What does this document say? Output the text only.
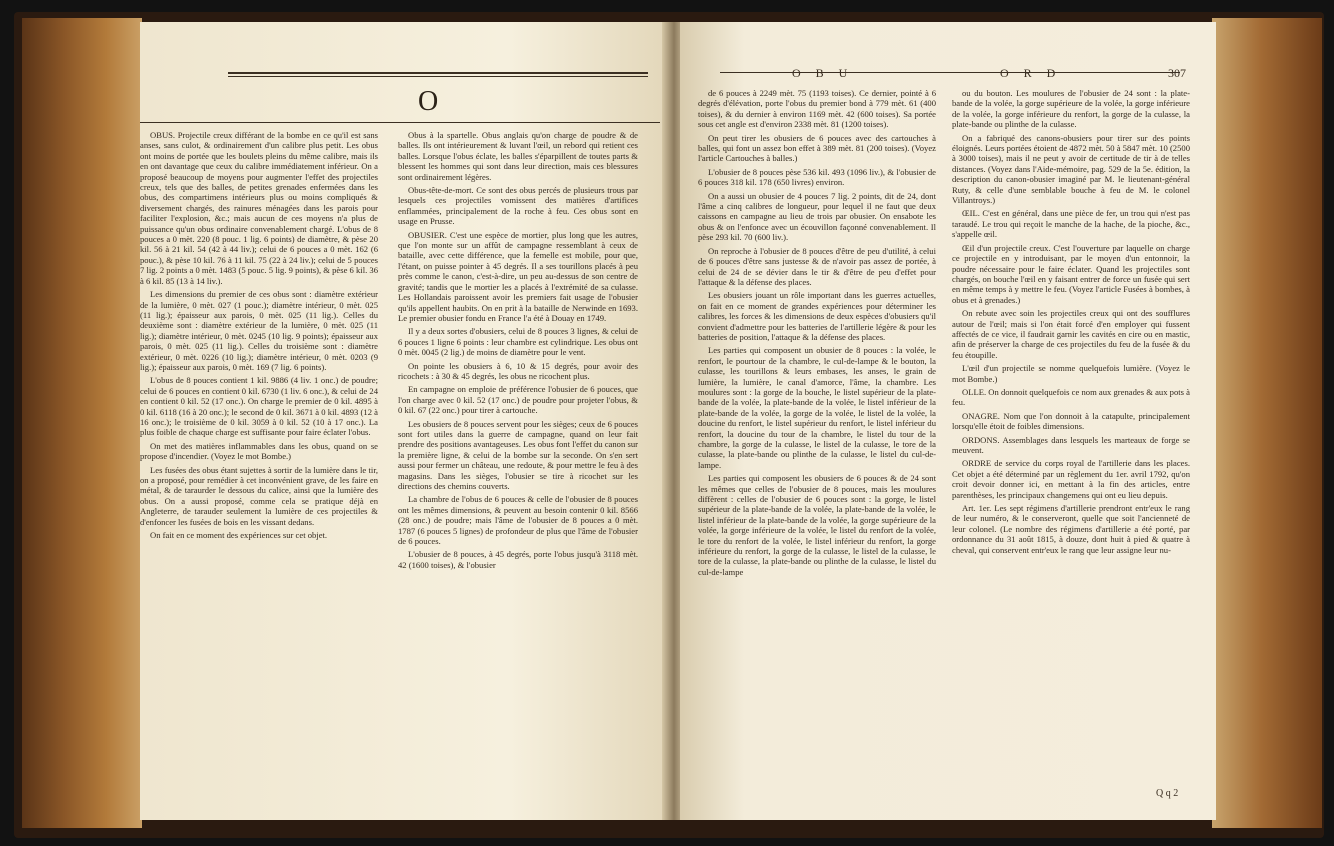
O

OBUS. Projectile creux différant de la bombe en ce qu'il est sans anses, sans culot, & ordinairement d'un calibre plus petit. Les obus ont moins de portée que les boulets pleins du même calibre, mais ils en ont davantage que ceux du calibre immédiatement inférieur. On a proposé beaucoup de moyens pour augmenter l'effet des projectiles creux, tels que des balles, de petites grenades enfermées dans les obus, des compartimens intérieurs plus ou moins compliqués & diversement chargés, des rainures ménagées dans les parois pour faciliter l'explosion, &c.; mais aucun de ces moyens n'a plus de puissance qu'un obus ordinaire convenablement chargé. L'obus de 8 pouces a 0 mèt. 220 (8 pouc. 1 lig. 6 points) de diamètre, & pèse 20 kil. 56 à 21 kil. 54 (42 à 44 liv.); celui de 6 pouces a 0 mèt. 162 (6 pouc.), & pèse 10 kil. 76 à 11 kil. 75 (22 à 24 liv.); celui de 5 pouces 7 lig. 2 points a 0 mèt. 1483 (5 pouc. 5 lig. 9 points), & pèse 6 kil. 36 à 6 kil. 85 (13 à 14 liv.).

Les dimensions du premier de ces obus sont : diamètre extérieur de la lumière, 0 mèt. 027 (1 pouc.); diamètre intérieur, 0 mèt. 025 (11 lig.); épaisseur aux parois, 0 mèt. 025 (11 lig.). Celles du deuxième sont : diamètre extérieur de la lumière, 0 mèt. 025 (11 lig.); diamètre intérieur, 0 mèt. 0245 (10 lig. 9 points); épaisseur aux parois, 0 mèt. 025 (11 lig.). Celles du troisième sont : diamètre extérieur, 0 mèt. 0226 (10 lig.); diamètre intérieur, 0 mèt. 0203 (9 lig.); épaisseur aux parois, 0 mèt. 169 (7 lig. 6 points).

L'obus de 8 pouces contient 1 kil. 9886 (4 liv. 1 onc.) de poudre; celui de 6 pouces en contient 0 kil. 6730 (1 liv. 6 onc.), & celui de 24 en contient 0 kil. 52 (17 onc.). On charge le premier de 0 kil. 4895 à 0 kil. 6118 (16 à 20 onc.); le second de 0 kil. 3671 à 0 kil. 4893 (12 à 16 onc.); le troisième de 0 kil. 3059 à 0 kil. 52 (10 à 17 onc.). La plus foible de chaque charge est suffisante pour faire éclater l'obus.

On met des matières inflammables dans les obus, quand on se propose d'incendier. (Voyez le mot Bombe.)

Les fusées des obus étant sujettes à sortir de la lumière dans le tir, on a proposé, pour remédier à cet inconvénient grave, de les faire en métal, & de taraurder le dessous du calice, ainsi que la lumière des obus. On a aussi proposé, comme cela se pratique déjà en Angleterre, de tarauder seulement la lumière de ces projectiles & d'enfoncer les fusées de bois en les vissant dedans.

On fait en ce moment des expériences sur cet objet.

Obus à la spartelle. Obus anglais qu'on charge de poudre & de balles. Ils ont intérieurement & luvant l'œil, un rebord qui retient ces balles. Lorsque l'obus éclate, les balles s'éparpillent de toutes parts & blessent les hommes qui sont dans leur direction, mais ces blessures sont ordinairement légères.

Obus-tête-de-mort. Ce sont des obus percés de plusieurs trous par lesquels ces projectiles vomissent des matières d'artifices enflammées, principalement de la roche à feu. Ces obus sont en usage en Prusse.

OBUSIER. C'est une espèce de mortier, plus long que les autres, que l'on monte sur un affût de campagne ressemblant à ceux de bataille, avec cette différence, que la femelle est mobile, pour que, l'étant, on puisse pointer à 45 degrés. Il a ses tourillons placés à peu près comme le canon, c'est-à-dire, un peu au-dessus de son centre de gravité; tandis que le mortier les a placés à l'extrémité de sa culasse. Les Hollandais paroissent avoir les premiers fait usage de l'obusier qu'ils appellent haubits. On en prit à la bataille de Nerwinde en 1693. Le premier obusier fondu en France l'a été à Douay en 1749.

Il y a deux sortes d'obusiers, celui de 8 pouces 3 lignes, & celui de 6 pouces 1 ligne 6 points : leur chambre est cylindrique. Les obus ont 0 mèt. 0045 (2 lig.) de moins de diamètre pour le vent.

On pointe les obusiers à 6, 10 & 15 degrés, pour avoir des ricochets : à 30 & 45 degrés, les obus ne ricochent plus.

En campagne on emploie de préférence l'obusier de 6 pouces, que l'on charge avec 0 kil. 52 (17 onc.) de poudre pour projeter l'obus, & 0 kil. 67 (22 onc.) pour tirer à cartouche.

Les obusiers de 8 pouces servent pour les sièges; ceux de 6 pouces sont fort utiles dans la guerre de campagne, quand on leur fait prendre des positions avantageuses. Les obus font l'effet du canon sur la première ligne, & celui de la bombe sur la seconde. On s'en sert aussi pour fermer un château, une redoute, & pour mettre le feu à des magasins. Dans les sièges, l'obusier se tire à ricochet sur les directions des chemins couverts.

La chambre de l'obus de 6 pouces & celle de l'obusier de 8 pouces ont les mêmes dimensions, & peuvent au besoin contenir 0 kil. 8566 (28 onc.) de poudre; mais l'âme de l'obusier de 8 pouces a 0 mèt. 1787 (6 pouces 5 lignes) de profondeur de plus que l'âme de l'obusier de 6 pouces.

L'obusier de 8 pouces, à 45 degrés, porte l'obus jusqu'à 3118 mèt. 42 (1600 toises), & l'obusier

O B U	O R D	307

de 6 pouces à 2249 mèt. 75 (1193 toises). Ce dernier, pointé à 6 degrés d'élévation, porte l'obus du premier bond à 779 mèt. 61 (400 toises), & du dernier à environ 1169 mèt. 42 (600 toises). Sa portée sous cet angle est d'environ 2338 mèt. 81 (1200 toises).

On peut tirer les obusiers de 6 pouces avec des cartouches à balles, qui font un assez bon effet à 389 mèt. 81 (200 toises). (Voyez l'article Cartouches à balles.)

L'obusier de 8 pouces pèse 536 kil. 493 (1096 liv.), & l'obusier de 6 pouces 318 kil. 178 (650 livres) environ.

On a aussi un obusier de 4 pouces 7 lig. 2 points, dit de 24, dont l'âme a cinq calibres de longueur, pour lequel il ne faut que deux caissons en campagne au lieu de trois par obusier. On ensabote les obus & on l'enfonce avec un écouvillon façonné convenablement. Il pèse 293 kil. 70 (600 liv.).

On reproche à l'obusier de 8 pouces d'être de peu d'utilité, à celui de 6 pouces d'être sans justesse & de n'avoir pas assez de portée, à celui de 24 de se dévier dans le tir & d'être de peu d'effet pour l'attaque & la défense des places.

Les obusiers jouant un rôle important dans les guerres actuelles, on fait en ce moment de grandes expériences pour déterminer les calibres, les forces & les dimensions de deux espèces d'obusiers qu'il convient d'admettre pour les batteries de l'artillerie légère & pour les batteries de position, l'attaque & la défense des places.

Les parties qui composent un obusier de 8 pouces : la volée, le renfort, le pourtour de la chambre, le cul-de-lampe & le bouton, la culasse, les tourillons & leurs embases, les anses, le grain de lumière, la lumière, le canal d'amorce, l'âme, la chambre. Les moulures sont : la gorge de la bouche, le listel supérieur de la plate-bande de la volée, la plate-bande de la volée, le listel inférieur de la plate-bande de la volée, la gorge de la volée, le listel de la volée, la doucine du renfort, le listel supérieur du renfort, le listel inférieur du renfort, la doucine du tour de la chambre, le listel du tour de la chambre, la gorge de la culasse, le listel de la culasse, le tore de la culasse, la plate-bande ou plinthe de la culasse, le listel du cul-de-lampe.

Les parties qui composent les obusiers de 6 pouces & de 24 sont les mêmes que celles de l'obusier de 8 pouces, mais les moulures diffèrent : celles de l'obusier de 6 pouces sont : la gorge, le listel supérieur de la plate-bande de la volée, la plate-bande de la volée, le listel inférieur de la plate-bande de la volée, la gorge supérieure de la volée, la gorge inférieure de la volée, le listel du renfort de la volée, le tore du renfort de la volée, le listel inférieur du renfort, la gorge inférieure du renfort, la gorge de la culasse, le listel de la culasse, le tore de la culasse, la plate-bande ou plinthe de la culasse, le listel du cul-de-lampe

ou du bouton. Les moulures de l'obusier de 24 sont : la plate-bande de la volée, la gorge supérieure de la volée, la gorge inférieure de la volée, la gorge inférieure du renfort, la gorge de la culasse, la plate-bande ou plinthe de la culasse.

On a fabriqué des canons-obusiers pour tirer sur des points éloignés. Leurs portées étoient de 4872 mèt. 50 à 5847 mèt. 10 (2500 à 3000 toises), mais il ne peut y avoir de certitude de tir à de telles distances. (Voyez dans l'Aide-mémoire, pag. 529 de la 5e. édition, la description du canon-obusier imaginé par M. le lieutenant-général Ruty, & celle d'une semblable bouche à feu de M. le colonel Villantroys.)

ŒIL. C'est en général, dans une pièce de fer, un trou qui n'est pas taraudé. Le trou qui reçoit le manche de la hache, de la pioche, &c., s'appelle œil.

Œil d'un projectile creux. C'est l'ouverture par laquelle on charge ce projectile en y introduisant, par le moyen d'un entonnoir, la poudre nécessaire pour le faire éclater. Quand les projectiles sont chargés, on bouche l'œil en y faisant entrer de force un fusée qui sert en même temps à y mettre le feu. (Voyez l'article Fusées à bombes, à obus et à grenades.)

On rebute avec soin les projectiles creux qui ont des soufflures autour de l'œil; mais si l'on était forcé d'en employer qui fussent affectés de ce vice, il faudrait garnir les cavités en cire ou en mastic, afin de préserver la charge de ces projectiles du feu de la fusée & du feu étoupille.

L'œil d'un projectile se nomme quelquefois lumière. (Voyez le mot Bombe.)

OLLE. On donnoit quelquefois ce nom aux grenades & aux pots à feu.

ONAGRE. Nom que l'on donnoit à la catapulte, principalement lorsqu'elle étoit de foibles dimensions.

ORDONS. Assemblages dans lesquels les marteaux de forge se meuvent.

ORDRE de service du corps royal de l'artillerie dans les places. Cet objet a été déterminé par un règlement du 1er. avril 1792, qu'on croit devoir donner ici, en mettant à la fin des articles, entre parenthèses, les principaux changemens qui ont eu lieu depuis.

Art. 1er. Les sept régimens d'artillerie prendront entr'eux le rang de leur numéro, & le conserveront, quelle que soit l'ancienneté de leur colonel. (Le nombre des régimens d'artillerie a été porté, par ordonnance du 31 août 1815, à douze, dont huit à pied & quatre à cheval, qui conservent entr'eux le rang que leur assigne leur nu-

Q q 2
